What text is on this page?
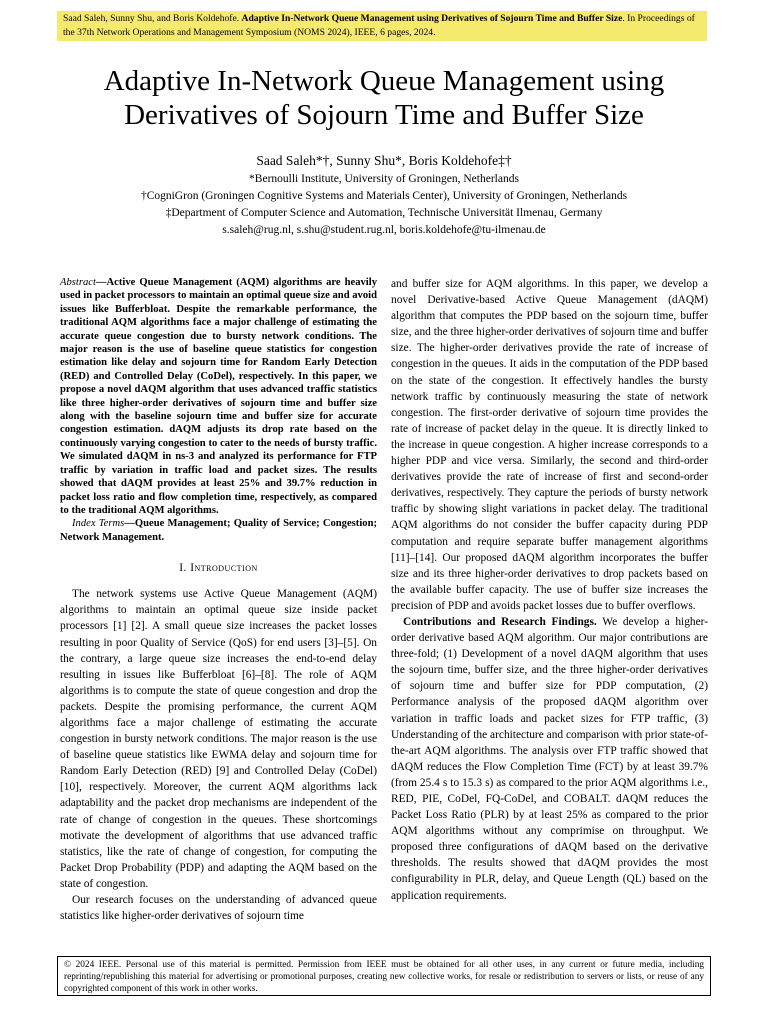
Saad Saleh, Sunny Shu, and Boris Koldehofe. Adaptive In-Network Queue Management using Derivatives of Sojourn Time and Buffer Size. In Proceedings of the 37th Network Operations and Management Symposium (NOMS 2024), IEEE, 6 pages, 2024.
Adaptive In-Network Queue Management using
Derivatives of Sojourn Time and Buffer Size
Saad Saleh*†, Sunny Shu*, Boris Koldehofe‡†
*Bernoulli Institute, University of Groningen, Netherlands
†CogniGron (Groningen Cognitive Systems and Materials Center), University of Groningen, Netherlands
‡Department of Computer Science and Automation, Technische Universität Ilmenau, Germany
s.saleh@rug.nl, s.shu@student.rug.nl, boris.koldehofe@tu-ilmenau.de
Abstract—Active Queue Management (AQM) algorithms are heavily used in packet processors to maintain an optimal queue size and avoid issues like Bufferbloat. Despite the remarkable performance, the traditional AQM algorithms face a major challenge of estimating the accurate queue congestion due to bursty network conditions. The major reason is the use of baseline queue statistics for congestion estimation like delay and sojourn time for Random Early Detection (RED) and Controlled Delay (CoDel), respectively. In this paper, we propose a novel dAQM algorithm that uses advanced traffic statistics like three higher-order derivatives of sojourn time and buffer size along with the baseline sojourn time and buffer size for accurate congestion estimation. dAQM adjusts its drop rate based on the continuously varying congestion to cater to the needs of bursty traffic. We simulated dAQM in ns-3 and analyzed its performance for FTP traffic by variation in traffic load and packet sizes. The results showed that dAQM provides at least 25% and 39.7% reduction in packet loss ratio and flow completion time, respectively, as compared to the traditional AQM algorithms.
Index Terms—Queue Management; Quality of Service; Congestion; Network Management.
I. Introduction

The network systems use Active Queue Management (AQM) algorithms to maintain an optimal queue size inside packet processors [1] [2]. A small queue size increases the packet losses resulting in poor Quality of Service (QoS) for end users [3]–[5]. On the contrary, a large queue size increases the end-to-end delay resulting in issues like Bufferbloat [6]–[8]. The role of AQM algorithms is to compute the state of queue congestion and drop the packets. Despite the promising performance, the current AQM algorithms face a major challenge of estimating the accurate congestion in bursty network conditions. The major reason is the use of baseline queue statistics like EWMA delay and sojourn time for Random Early Detection (RED) [9] and Controlled Delay (CoDel) [10], respectively. Moreover, the current AQM algorithms lack adaptability and the packet drop mechanisms are independent of the rate of change of congestion in the queues. These shortcomings motivate the development of algorithms that use advanced traffic statistics, like the rate of change of congestion, for computing the Packet Drop Probability (PDP) and adapting the AQM based on the state of congestion.

Our research focuses on the understanding of advanced queue statistics like higher-order derivatives of sojourn time

and buffer size for AQM algorithms. In this paper, we develop a novel Derivative-based Active Queue Management (dAQM) algorithm that computes the PDP based on the sojourn time, buffer size, and the three higher-order derivatives of sojourn time and buffer size. The higher-order derivatives provide the rate of increase of congestion in the queues. It aids in the computation of the PDP based on the state of the congestion. It effectively handles the bursty network traffic by continuously measuring the state of network congestion. The first-order derivative of sojourn time provides the rate of increase of packet delay in the queue. It is directly linked to the increase in queue congestion. A higher increase corresponds to a higher PDP and vice versa. Similarly, the second and third-order derivatives provide the rate of increase of first and second-order derivatives, respectively. They capture the periods of bursty network traffic by showing slight variations in packet delay. The traditional AQM algorithms do not consider the buffer capacity during PDP computation and require separate buffer management algorithms [11]–[14]. Our proposed dAQM algorithm incorporates the buffer size and its three higher-order derivatives to drop packets based on the available buffer capacity. The use of buffer size increases the precision of PDP and avoids packet losses due to buffer overflows.

Contributions and Research Findings. We develop a higher-order derivative based AQM algorithm. Our major contributions are three-fold; (1) Development of a novel dAQM algorithm that uses the sojourn time, buffer size, and the three higher-order derivatives of sojourn time and buffer size for PDP computation, (2) Performance analysis of the proposed dAQM algorithm over variation in traffic loads and packet sizes for FTP traffic, (3) Understanding of the architecture and comparison with prior state-of-the-art AQM algorithms. The analysis over FTP traffic showed that dAQM reduces the Flow Completion Time (FCT) by at least 39.7% (from 25.4 s to 15.3 s) as compared to the prior AQM algorithms i.e., RED, PIE, CoDel, FQ-CoDel, and COBALT. dAQM reduces the Packet Loss Ratio (PLR) by at least 25% as compared to the prior AQM algorithms without any comprimise on throughput. We proposed three configurations of dAQM based on the derivative thresholds. The results showed that dAQM provides the most configurability in PLR, delay, and Queue Length (QL) based on the application requirements.

© 2024 IEEE. Personal use of this material is permitted. Permission from IEEE must be obtained for all other uses, in any current or future media, including reprinting/republishing this material for advertising or promotional purposes, creating new collective works, for resale or redistribution to servers or lists, or reuse of any copyrighted component of this work in other works.
